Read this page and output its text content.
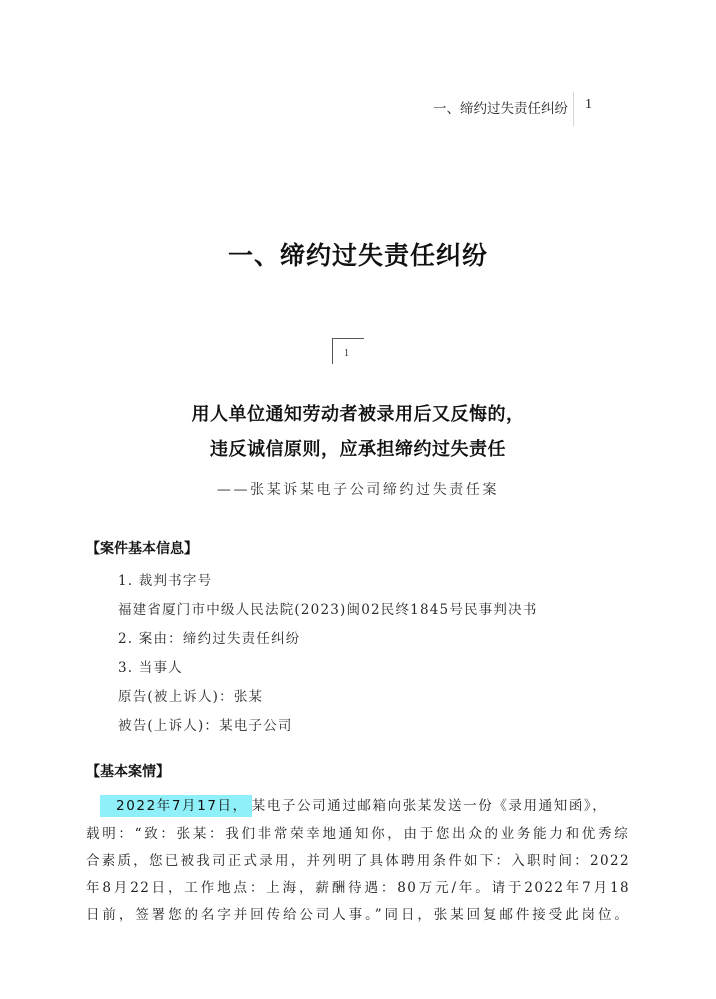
一、缔约过失责任纠纷 1
一、缔约过失责任纠纷
1
用人单位通知劳动者被录用后又反悔的，
违反诚信原则，应承担缔约过失责任
——张某诉某电子公司缔约过失责任案
【案件基本信息】
1. 裁判书字号
福建省厦门市中级人民法院(2023)闽02民终1845号民事判决书
2. 案由：缔约过失责任纠纷
3. 当事人
原告(被上诉人)：张某
被告(上诉人)：某电子公司
【基本案情】
2022年7月17日， 某电子公司通过邮箱向张某发送一份《录用通知函》，
载明：“致：张某：我们非常荣幸地通知你，由于您出众的业务能力和优秀综
合素质，您已被我司正式录用，并列明了具体聘用条件如下：入职时间：2022
年8月22日，工作地点：上海，薪酬待遇：80万元/年。请于2022年7月18
日前，签署您的名字并回传给公司人事。”同日，张某回复邮件接受此岗位。
